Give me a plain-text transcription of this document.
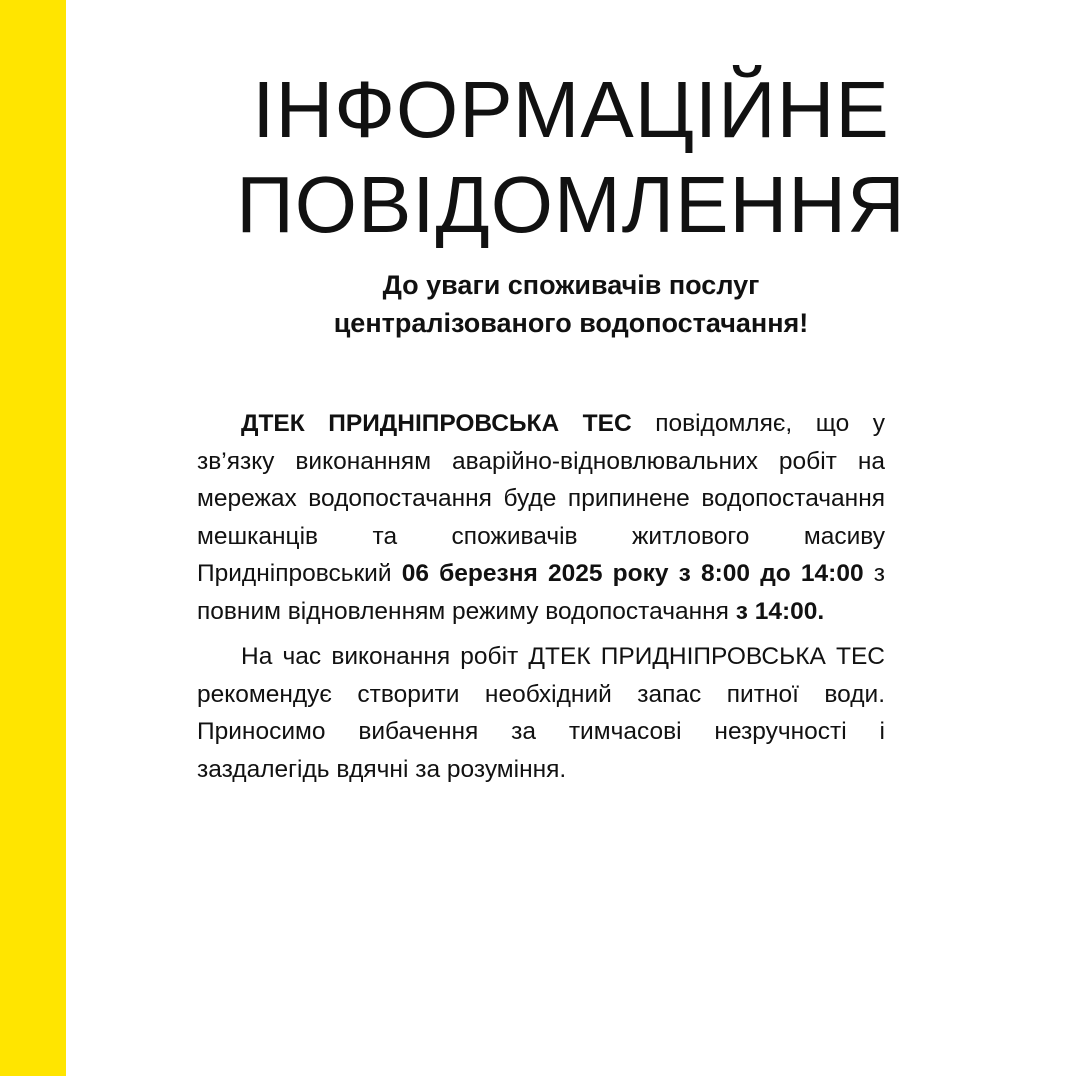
ІНФОРМАЦІЙНЕ
ПОВІДОМЛЕННЯ
До уваги споживачів послуг
централізованого водопостачання!

ДТЕК ПРИДНІПРОВСЬКА ТЕС повідомляє, що у зв’язку виконанням аварійно-відновлювальних робіт на мережах водопостачання буде припинене водопостачання мешканців та споживачів житлового масиву Придніпровський 06 березня 2025 року з 8:00 до 14:00 з повним відновленням режиму водопостачання з 14:00.

На час виконання робіт ДТЕК ПРИДНІПРОВСЬКА ТЕС рекомендує створити необхідний запас питної води. Приносимо вибачення за тимчасові незручності і заздалегідь вдячні за розуміння.
